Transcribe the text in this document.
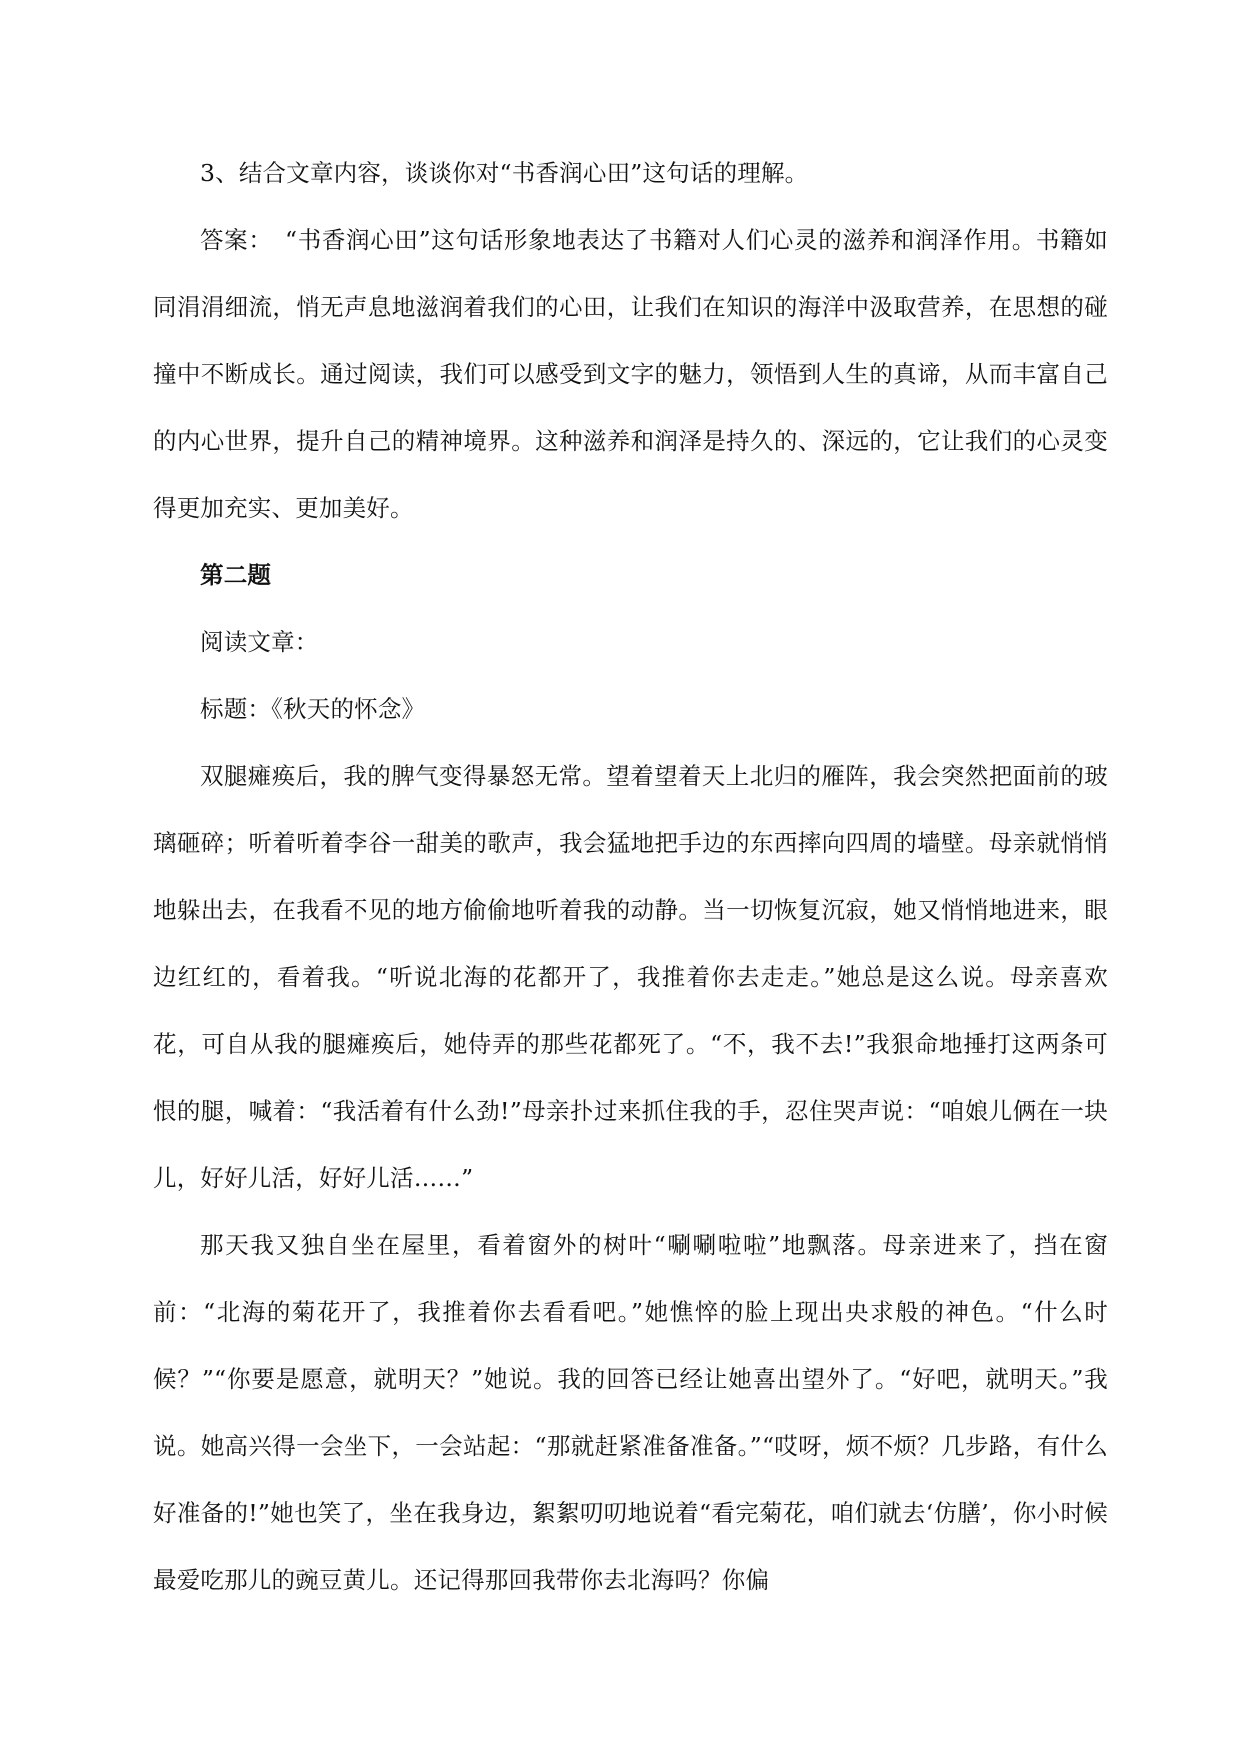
3、结合文章内容，谈谈你对“书香润心田”这句话的理解。

答案：　“书香润心田”这句话形象地表达了书籍对人们心灵的滋养和润泽作用。书籍如同涓涓细流，悄无声息地滋润着我们的心田，让我们在知识的海洋中汲取营养，在思想的碰撞中不断成长。通过阅读，我们可以感受到文字的魅力，领悟到人生的真谛，从而丰富自己的内心世界，提升自己的精神境界。这种滋养和润泽是持久的、深远的，它让我们的心灵变得更加充实、更加美好。

第二题

阅读文章：

标题：《秋天的怀念》

双腿瘫痪后，我的脾气变得暴怒无常。望着望着天上北归的雁阵，我会突然把面前的玻璃砸碎；听着听着李谷一甜美的歌声，我会猛地把手边的东西摔向四周的墙壁。母亲就悄悄地躲出去，在我看不见的地方偷偷地听着我的动静。当一切恢复沉寂，她又悄悄地进来，眼边红红的，看着我。“听说北海的花都开了，我推着你去走走。”她总是这么说。母亲喜欢花，可自从我的腿瘫痪后，她侍弄的那些花都死了。“不，我不去!”我狠命地捶打这两条可恨的腿，喊着：“我活着有什么劲!”母亲扑过来抓住我的手，忍住哭声说：“咱娘儿俩在一块儿，好好儿活，好好儿活……”

那天我又独自坐在屋里，看着窗外的树叶“唰唰啦啦”地飘落。母亲进来了，挡在窗前：“北海的菊花开了，我推着你去看看吧。”她憔悴的脸上现出央求般的神色。“什么时候？”“你要是愿意，就明天？”她说。我的回答已经让她喜出望外了。“好吧，就明天。”我说。她高兴得一会坐下，一会站起：“那就赶紧准备准备。”“哎呀，烦不烦？几步路，有什么好准备的!”她也笑了，坐在我身边，絮絮叨叨地说着“看完菊花，咱们就去‘仿膳’，你小时候最爱吃那儿的豌豆黄儿。还记得那回我带你去北海吗？你偏
